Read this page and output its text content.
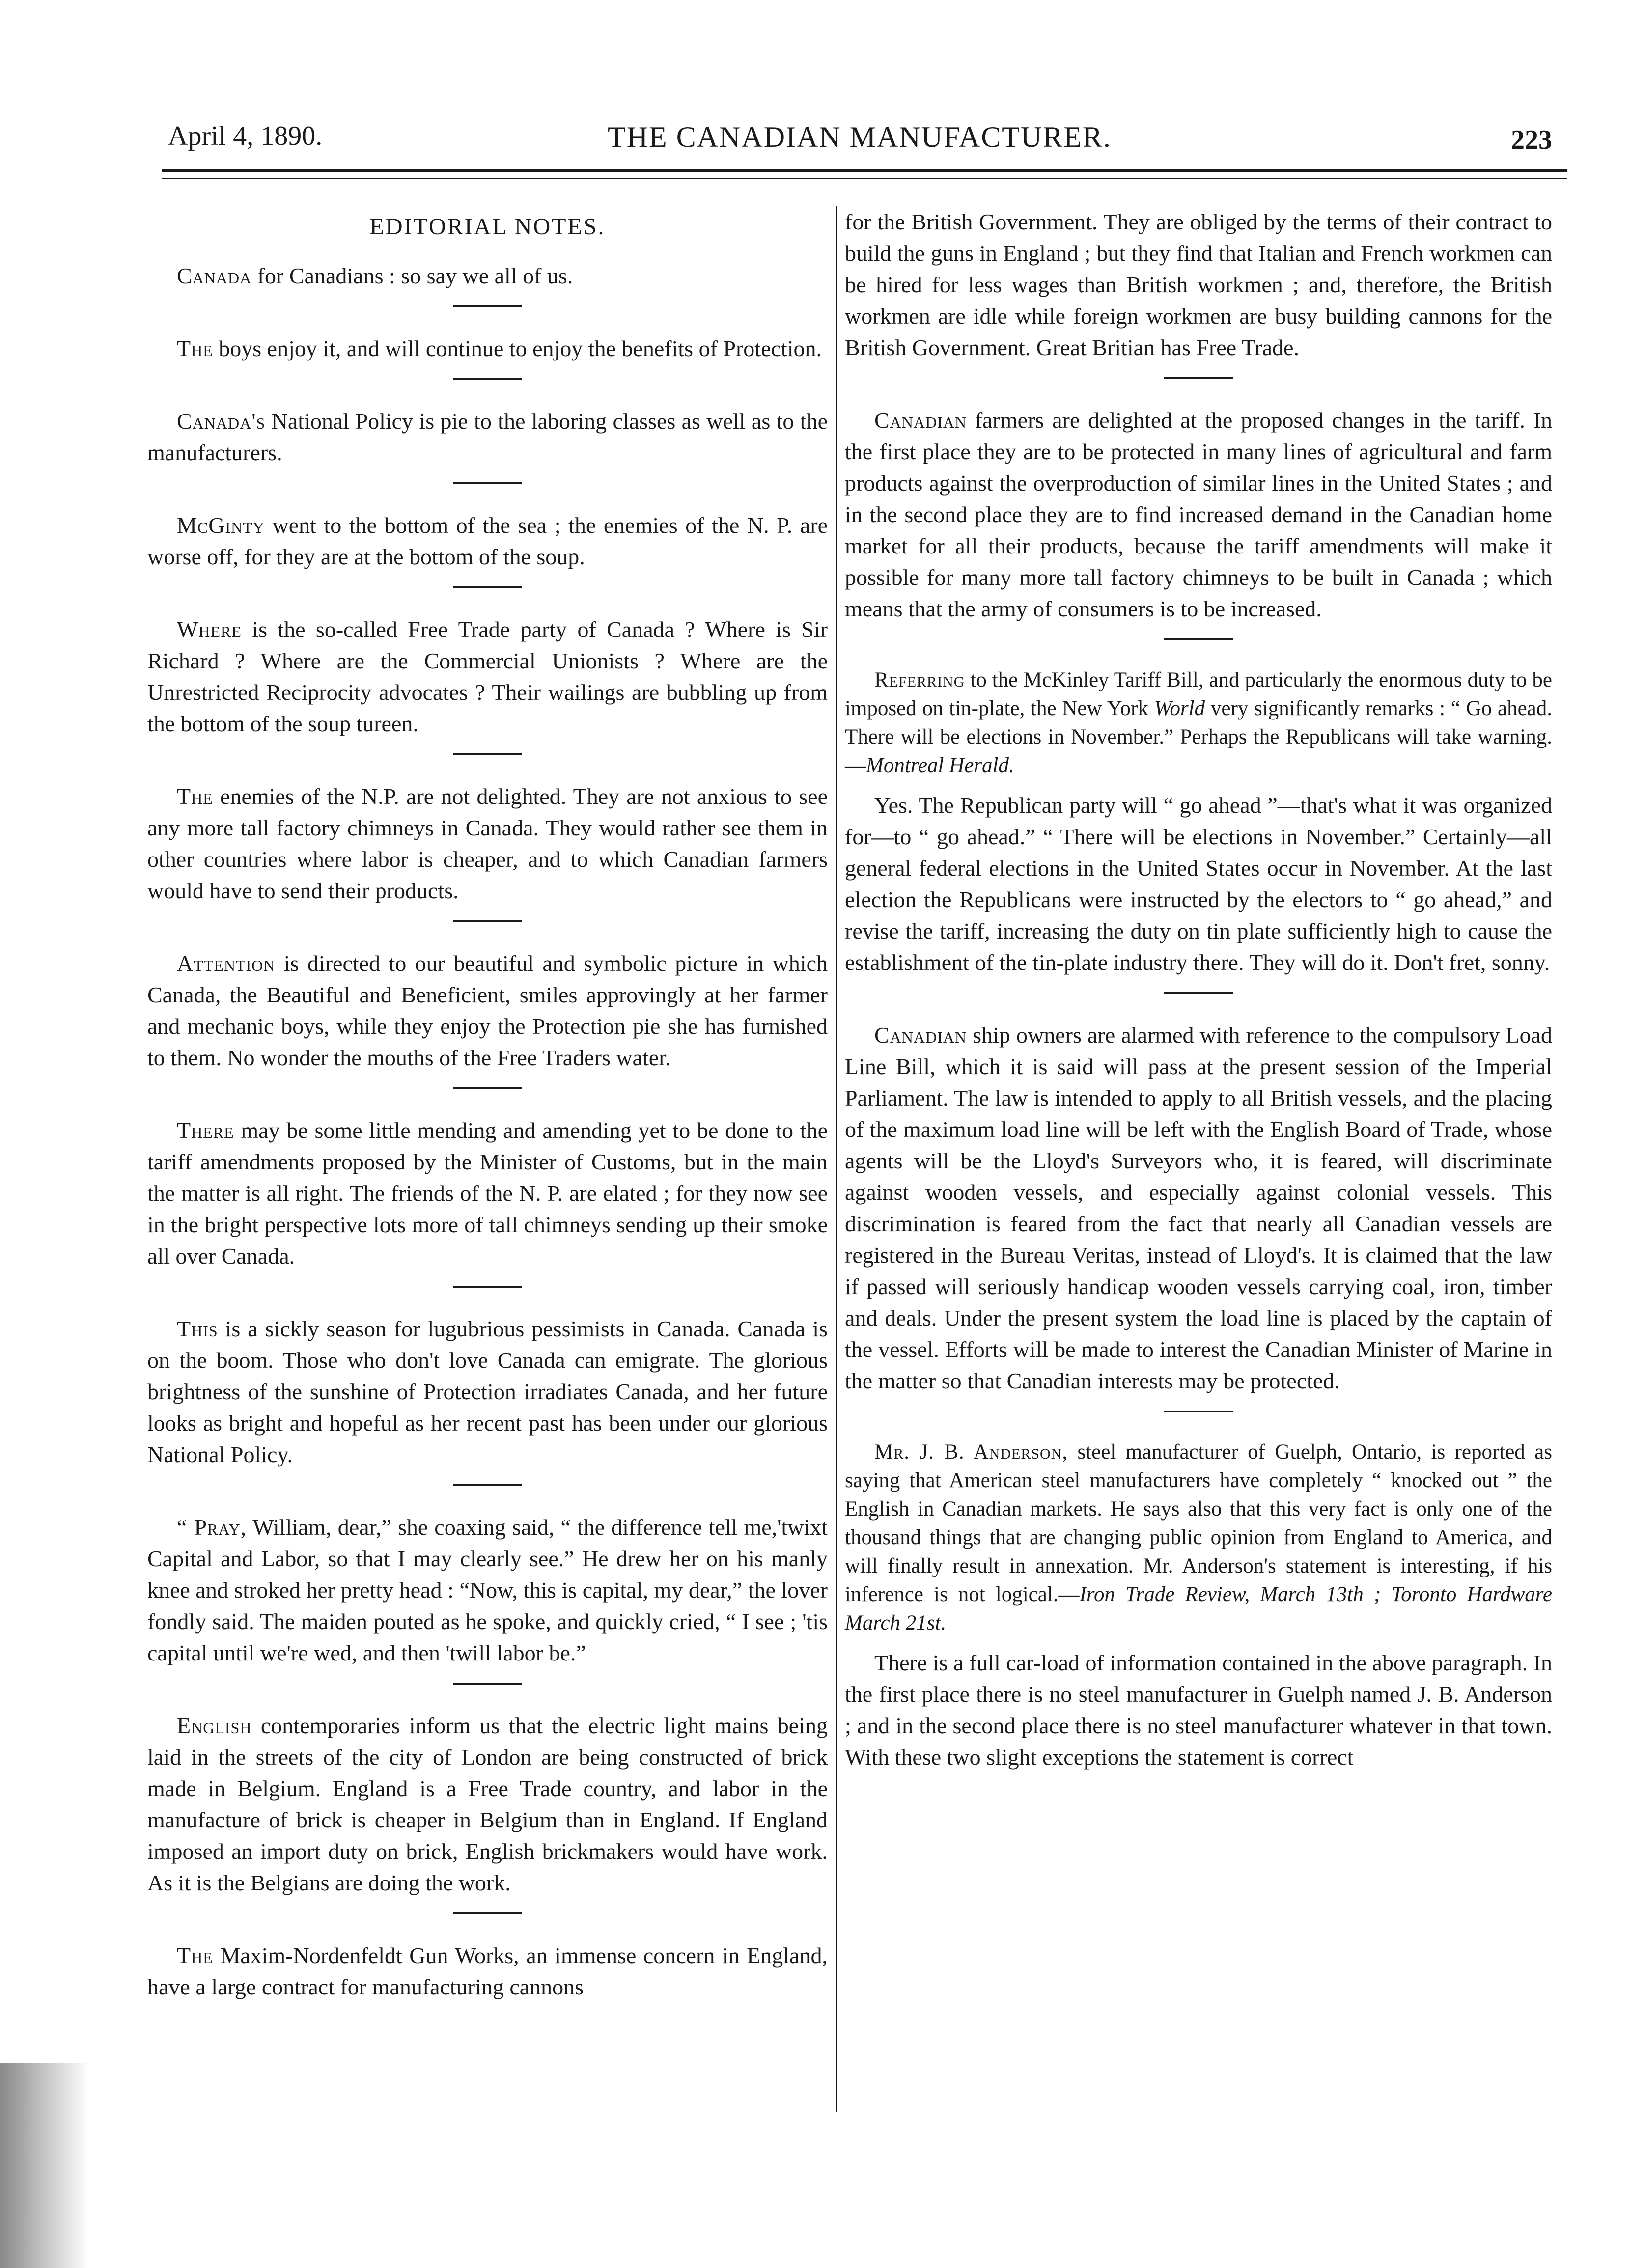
April 4, 1890.	THE CANADIAN MANUFACTURER.	223
EDITORIAL NOTES.

Canada for Canadians : so say we all of us.

The boys enjoy it, and will continue to enjoy the benefits of Protection.

Canada's National Policy is pie to the laboring classes as well as to the manufacturers.

McGinty went to the bottom of the sea ; the enemies of the N. P. are worse off, for they are at the bottom of the soup.

Where is the so-called Free Trade party of Canada ? Where is Sir Richard ? Where are the Commercial Unionists ? Where are the Unrestricted Reciprocity advocates ? Their wailings are bubbling up from the bottom of the soup tureen.

The enemies of the N.P. are not delighted. They are not anxious to see any more tall factory chimneys in Canada. They would rather see them in other countries where labor is cheaper, and to which Canadian farmers would have to send their products.

Attention is directed to our beautiful and symbolic picture in which Canada, the Beautiful and Beneficient, smiles approvingly at her farmer and mechanic boys, while they enjoy the Protection pie she has furnished to them. No wonder the mouths of the Free Traders water.

There may be some little mending and amending yet to be done to the tariff amendments proposed by the Minister of Customs, but in the main the matter is all right. The friends of the N. P. are elated ; for they now see in the bright perspective lots more of tall chimneys sending up their smoke all over Canada.

This is a sickly season for lugubrious pessimists in Canada. Canada is on the boom. Those who don't love Canada can emigrate. The glorious brightness of the sunshine of Protection irradiates Canada, and her future looks as bright and hopeful as her recent past has been under our glorious National Policy.

“ Pray, William, dear,” she coaxing said, “ the difference tell me,'twixt Capital and Labor, so that I may clearly see.” He drew her on his manly knee and stroked her pretty head : “Now, this is capital, my dear,” the lover fondly said. The maiden pouted as he spoke, and quickly cried, “ I see ; 'tis capital until we're wed, and then 'twill labor be.”

English contemporaries inform us that the electric light mains being laid in the streets of the city of London are being constructed of brick made in Belgium. England is a Free Trade country, and labor in the manufacture of brick is cheaper in Belgium than in England. If England imposed an import duty on brick, English brickmakers would have work. As it is the Belgians are doing the work.

The Maxim-Nordenfeldt Gun Works, an immense concern in England, have a large contract for manufacturing cannons

for the British Government. They are obliged by the terms of their contract to build the guns in England ; but they find that Italian and French workmen can be hired for less wages than British workmen ; and, therefore, the British workmen are idle while foreign workmen are busy building cannons for the British Government. Great Britian has Free Trade.

Canadian farmers are delighted at the proposed changes in the tariff. In the first place they are to be protected in many lines of agricultural and farm products against the overproduction of similar lines in the United States ; and in the second place they are to find increased demand in the Canadian home market for all their products, because the tariff amendments will make it possible for many more tall factory chimneys to be built in Canada ; which means that the army of consumers is to be increased.

Referring to the McKinley Tariff Bill, and particularly the enormous duty to be imposed on tin-plate, the New York World very significantly remarks : “ Go ahead. There will be elections in November.” Perhaps the Republicans will take warning.—Montreal Herald.

Yes. The Republican party will “ go ahead ”—that's what it was organized for—to “ go ahead.” “ There will be elections in November.” Certainly—all general federal elections in the United States occur in November. At the last election the Republicans were instructed by the electors to “ go ahead,” and revise the tariff, increasing the duty on tin plate sufficiently high to cause the establishment of the tin-plate industry there. They will do it. Don't fret, sonny.

Canadian ship owners are alarmed with reference to the compulsory Load Line Bill, which it is said will pass at the present session of the Imperial Parliament. The law is intended to apply to all British vessels, and the placing of the maximum load line will be left with the English Board of Trade, whose agents will be the Lloyd's Surveyors who, it is feared, will discriminate against wooden vessels, and especially against colonial vessels. This discrimination is feared from the fact that nearly all Canadian vessels are registered in the Bureau Veritas, instead of Lloyd's. It is claimed that the law if passed will seriously handicap wooden vessels carrying coal, iron, timber and deals. Under the present system the load line is placed by the captain of the vessel. Efforts will be made to interest the Canadian Minister of Marine in the matter so that Canadian interests may be protected.

Mr. J. B. Anderson, steel manufacturer of Guelph, Ontario, is reported as saying that American steel manufacturers have completely “ knocked out ” the English in Canadian markets. He says also that this very fact is only one of the thousand things that are changing public opinion from England to America, and will finally result in annexation. Mr. Anderson's statement is interesting, if his inference is not logical.—Iron Trade Review, March 13th ; Toronto Hardware March 21st.

There is a full car-load of information contained in the above paragraph. In the first place there is no steel manufacturer in Guelph named J. B. Anderson ; and in the second place there is no steel manufacturer whatever in that town. With these two slight exceptions the statement is correct
